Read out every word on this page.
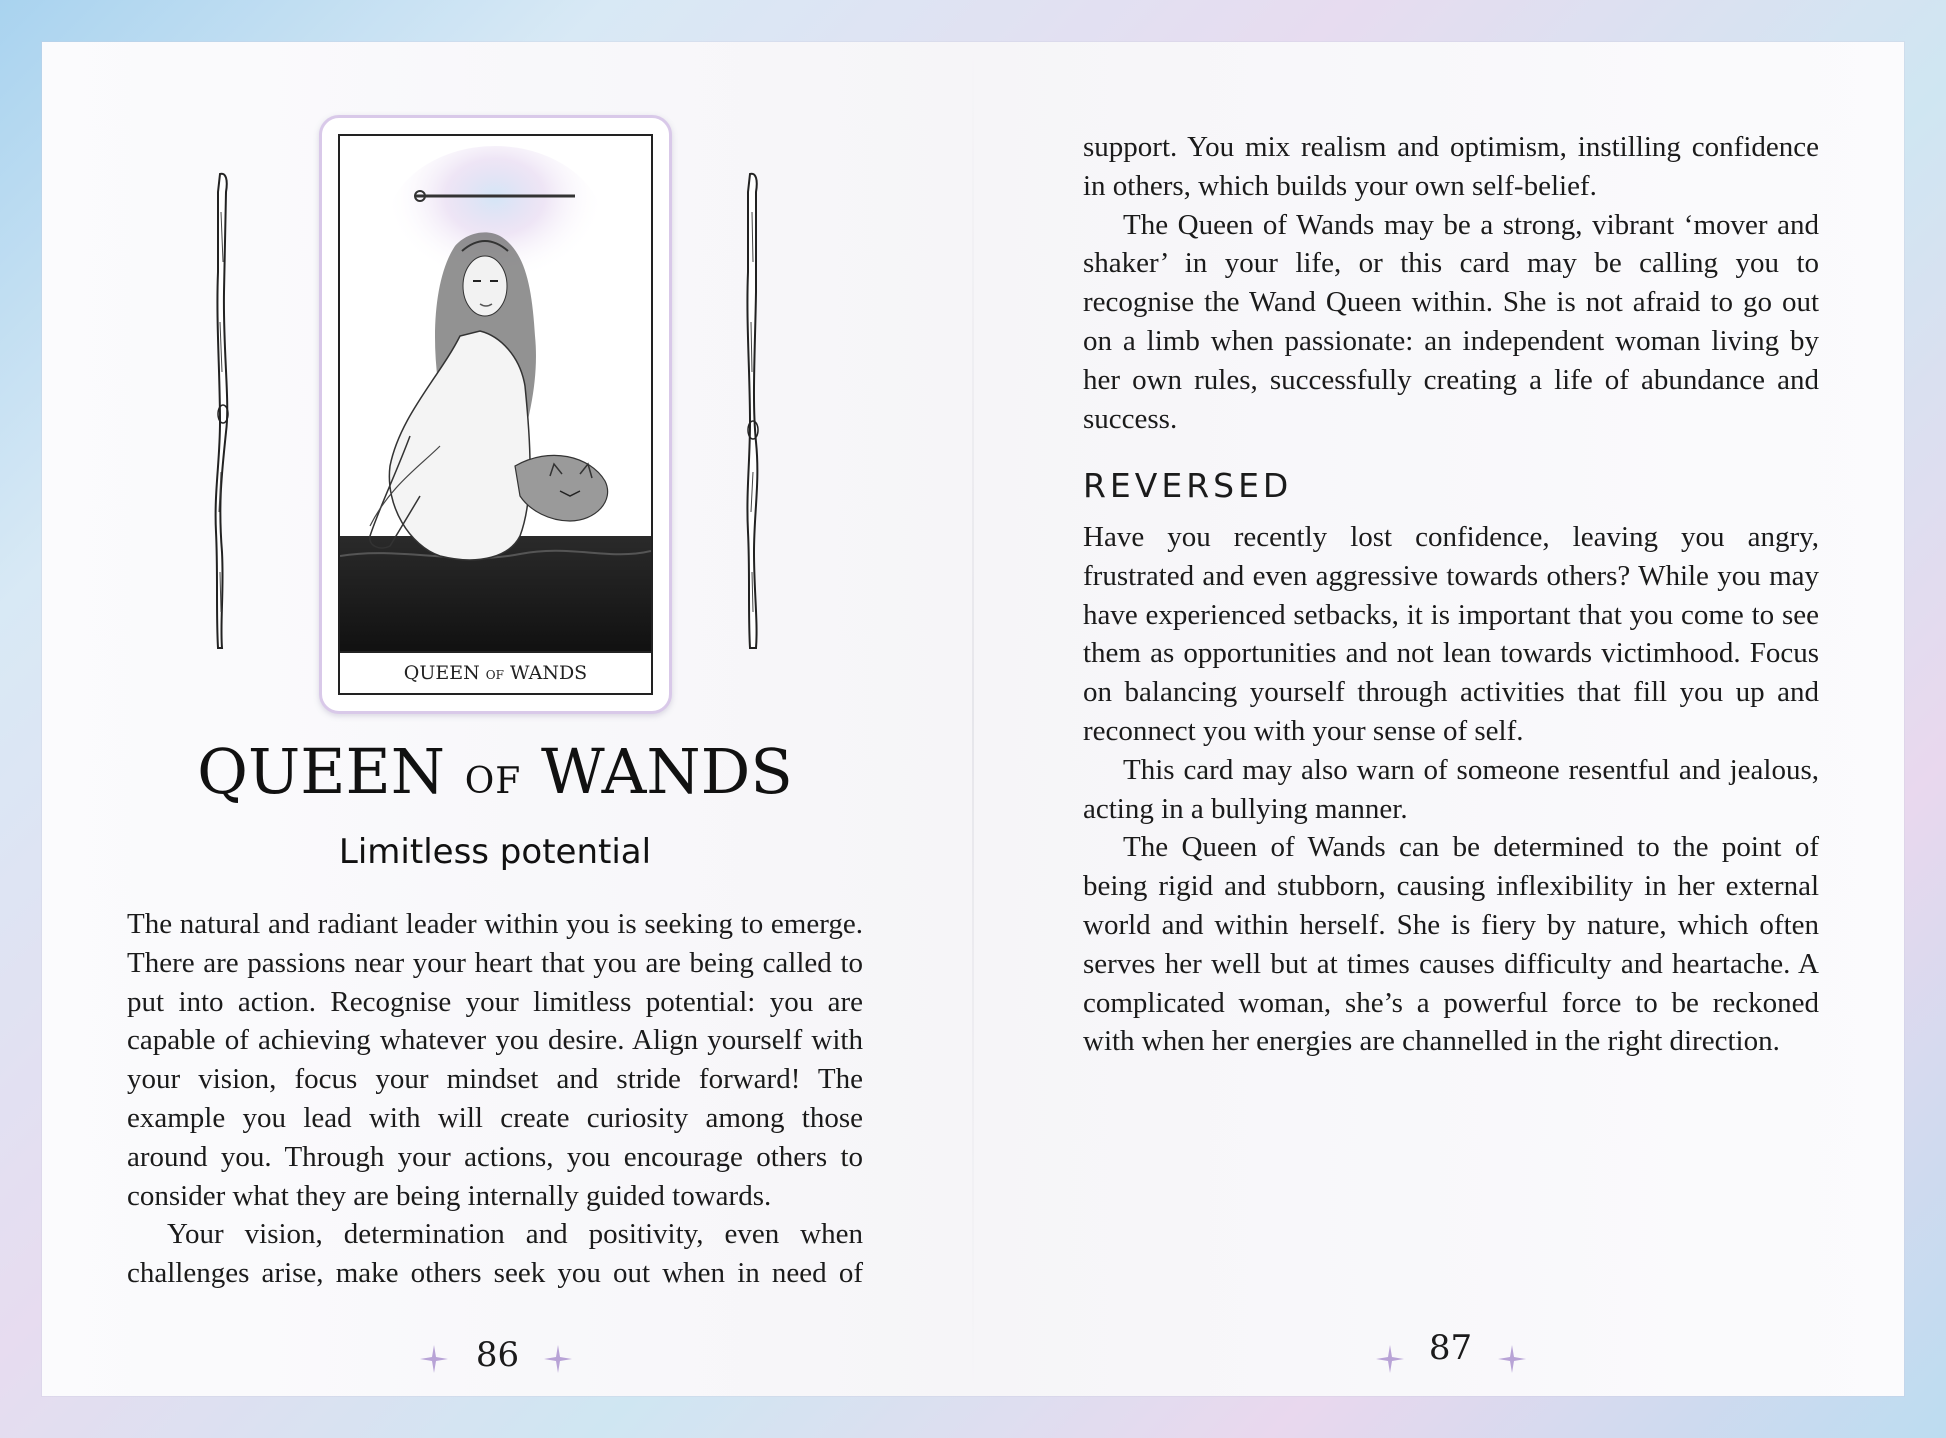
QUEEN OF WANDS
QUEEN OF WANDS
Limitless potential

The natural and radiant leader within you is seeking to emerge. There are passions near your heart that you are being called to put into action. Recognise your limitless potential: you are capable of achieving whatever you desire. Align yourself with your vision, focus your mindset and stride forward! The example you lead with will create curiosity among those around you. Through your actions, you encourage others to consider what they are being internally guided towards.

Your vision, determination and positivity, even when challenges arise, make others seek you out when in need of

86

support. You mix realism and optimism, instilling confidence in others, which builds your own self-belief.

The Queen of Wands may be a strong, vibrant ‘mover and shaker’ in your life, or this card may be calling you to recognise the Wand Queen within. She is not afraid to go out on a limb when passionate: an independent woman living by her own rules, successfully creating a life of abundance and success.

REVERSED

Have you recently lost confidence, leaving you angry, frustrated and even aggressive towards others? While you may have experienced setbacks, it is important that you come to see them as opportunities and not lean towards victimhood. Focus on balancing yourself through activities that fill you up and reconnect you with your sense of self.

This card may also warn of someone resentful and jealous, acting in a bullying manner.

The Queen of Wands can be determined to the point of being rigid and stubborn, causing inflexibility in her external world and within herself. She is fiery by nature, which often serves her well but at times causes difficulty and heartache. A complicated woman, she’s a powerful force to be reckoned with when her energies are channelled in the right direction.

87
